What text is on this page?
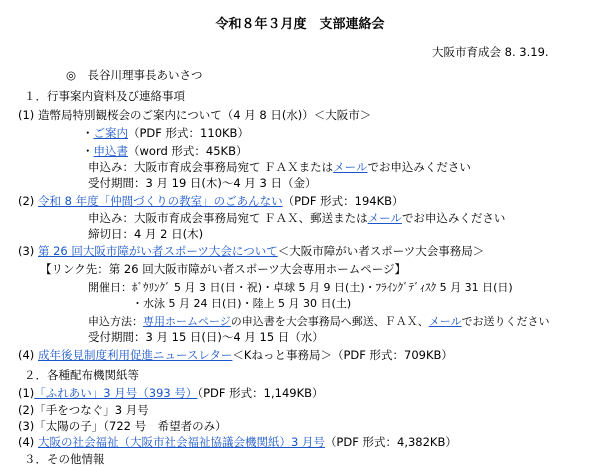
令和８年３月度　支部連絡会
大阪市育成会 8. 3.19.
◎　長谷川理事長あいさつ
１．行事案内資料及び連絡事項
(1) 造幣局特別観桜会のご案内について（4 月 8 日(水)）＜大阪市＞
・ご案内（PDF 形式：110KB）
・申込書（word 形式：45KB）
申込み：大阪市育成会事務局宛て ＦＡＸまたはメールでお申込みください
受付期間：3 月 19 日(木)～4 月 3 日（金）
(2) 令和 8 年度「仲間づくりの教室」のごあんない（PDF 形式：194KB）
申込み：大阪市育成会事務局宛て ＦＡＸ、郵送またはメールでお申込みください
締切日：4 月 2 日(木)
(3) 第 26 回大阪市障がい者スポーツ大会について＜大阪市障がい者スポーツ大会事務局＞
【リンク先：第 26 回大阪市障がい者スポーツ大会専用ホームページ】
開催日：ﾎﾞｳﾘﾝｸﾞ 5 月 3 日(日・祝)・卓球 5 月 9 日(土)・ﾌﾗｲﾝｸﾞﾃﾞｨｽｸ 5 月 31 日(日)
・水泳 5 月 24 日(日)・陸上 5 月 30 日(土)
申込方法：専用ホームページの申込書を大会事務局へ郵送、ＦＡＸ、メールでお送りください
受付期間：3 月 15 日(日)～4 月 15 日（水）
(4) 成年後見制度利用促進ニュースレター＜Kねっと事務局＞（PDF 形式：709KB）
２．各種配布機関紙等
(1)「ふれあい」3 月号（393 号）（PDF 形式：1,149KB）
(2)「手をつなぐ」3 月号
(3)「太陽の子」（722 号　希望者のみ）
(4) 大阪の社会福祉（大阪市社会福祉協議会機関紙）3 月号（PDF 形式：4,382KB）
３．その他情報
